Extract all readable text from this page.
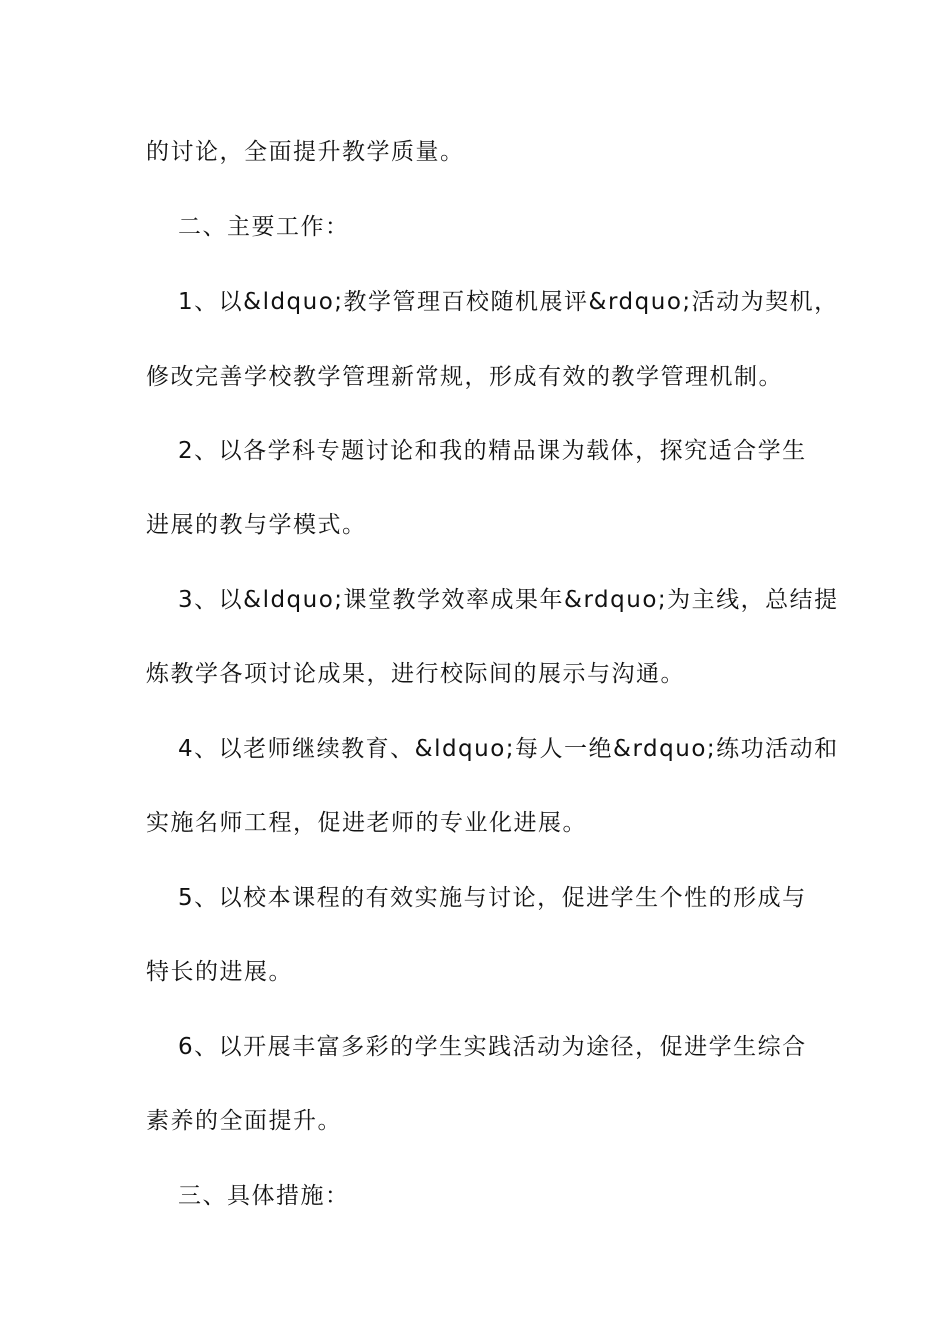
的讨论，全面提升教学质量。
二、主要工作：
1、以&ldquo;教学管理百校随机展评&rdquo;活动为契机，
修改完善学校教学管理新常规，形成有效的教学管理机制。
2、以各学科专题讨论和我的精品课为载体，探究适合学生
进展的教与学模式。
3、以&ldquo;课堂教学效率成果年&rdquo;为主线，总结提
炼教学各项讨论成果，进行校际间的展示与沟通。
4、以老师继续教育、&ldquo;每人一绝&rdquo;练功活动和
实施名师工程，促进老师的专业化进展。
5、以校本课程的有效实施与讨论，促进学生个性的形成与
特长的进展。
6、以开展丰富多彩的学生实践活动为途径，促进学生综合
素养的全面提升。
三、具体措施：
